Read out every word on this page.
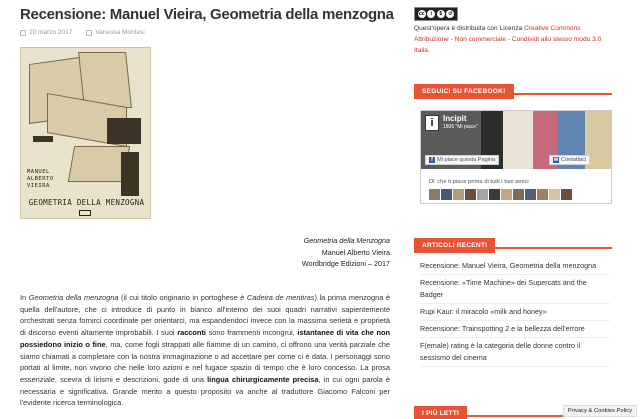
Recensione: Manuel Vieira, Geometria della menzogna
20 marzo 2017	Vanessa Montesi
MANUEL
ALBERTO
VIEIRA
GEOMETRIA DELLA MENZOGNA
Geometria della Menzogna
Manuel Alberto Vieira
Wordbridge Edizioni – 2017

In Geometria della menzogna (il cui titolo originario in portoghese è Cadeira de mentiras) la prima menzogna è quella dell'autore, che ci introduce di punto in bianco all'interno dei suoi quadri narrativi sapientemente orchestrati senza fornirci coordinate per orientarci, ma espandendoci invece con la massima serietà e proprietà di discorso eventi altamente improbabili. I suoi racconti sono frammenti incongrui, istantanee di vita che non possiedono inizio o fine, ma, come fogli strappati alle fiamme di un camino, ci offrono una verità parziale che siamo chiamati a completare con la nostra immaginazione o ad accettare per come ci è data. I personaggi sono portati al limite, non vivono che nelle loro azioni e nel fugace spazio di tempo che è loro concesso. La prosa essenziale, scevra di lirismi e descrizioni, gode di una lingua chirurgicamente precisa, in cui ogni parola è necessaria e significativa. Grande merito a questo proposito va anche al traduttore Giacomo Falconi per l'evidente ricerca terminologica.

cc	i	$	↺
Quest'opera è distribuita con Licenza Creative Commons Attribuzione - Non commerciale - Condividi allo stesso modo 3.0 Italia.
SEGUICI SU FACEBOOK!
i	Incipit
1805 "Mi piace"
f Mi piace questa Pagina	✉ Contattaci
Di' che ti piace prima di tutti i tuoi amici
ARTICOLI RECENTI
Recensione: Manuel Vieira, Geometria della menzogna
Recensione: «Time Machine» dei Supercats and the Badger
Rupi Kaur: il miracolo «milk and honey»
Recensione: Trainspotting 2 e la bellezza dell'errore
F(emale) rating è la categoria delle donne contro il sessismo del cinema
I PIÙ LETTI	Privacy & Cookies Policy
